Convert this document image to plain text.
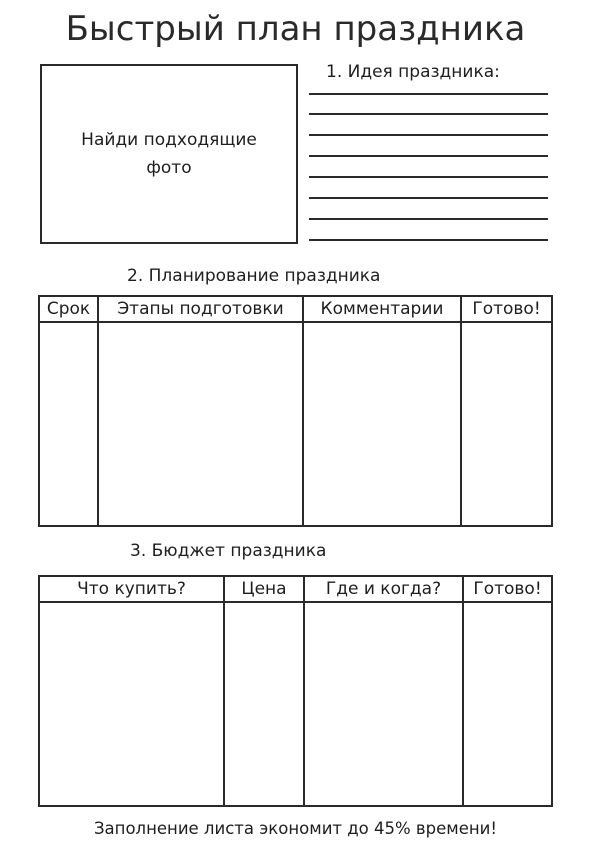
Быстрый план праздника
Найди подходящие фото
1. Идея праздника:
2. Планирование праздника
Срок	Этапы подготовки	Комментарии	Готово!

3. Бюджет праздника
Что купить?	Цена	Где и когда?	Готово!

Заполнение листа экономит до 45% времени!
